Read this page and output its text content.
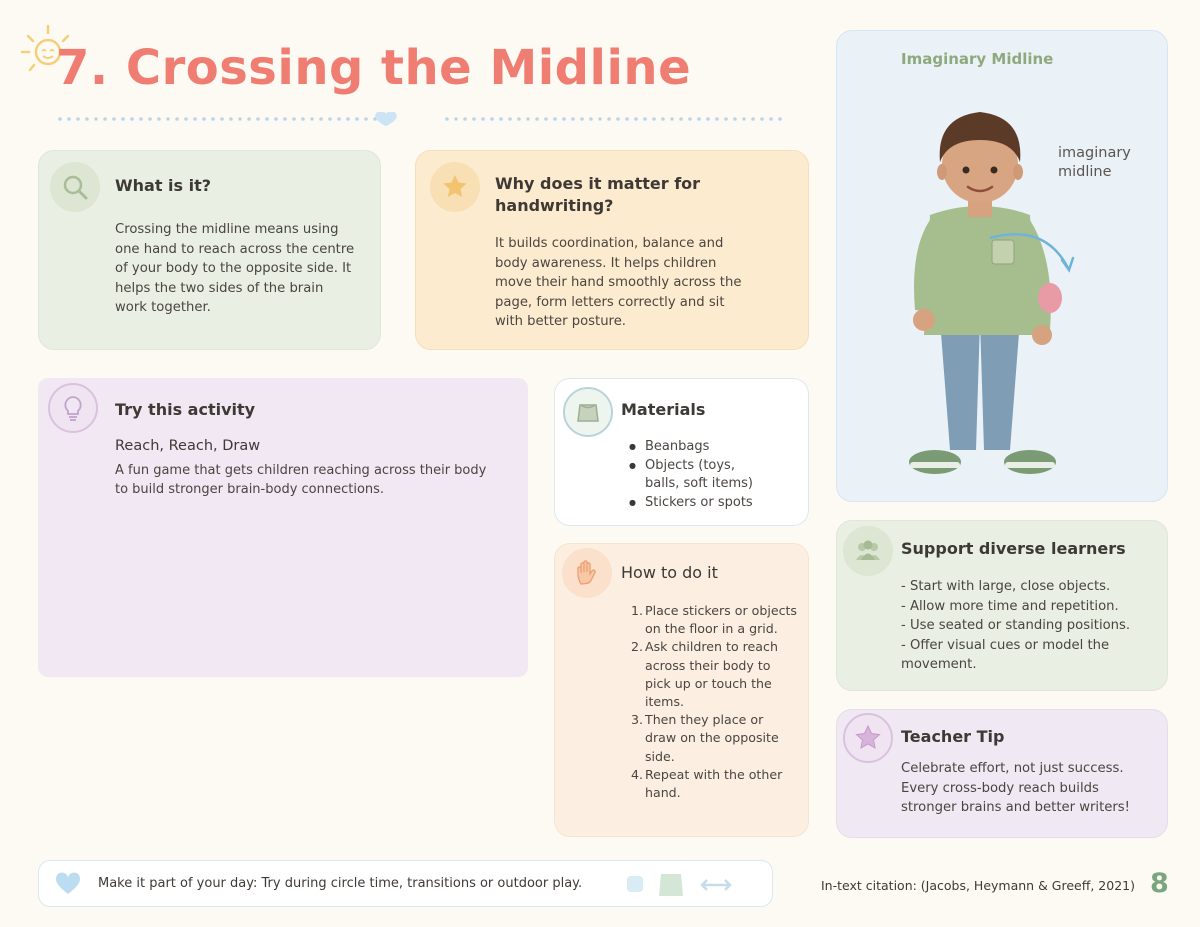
7. Crossing the Midline
What is it?
Crossing the midline means using
one hand to reach across the centre
of your body to the opposite side. It
helps the two sides of the brain
work together.
Why does it matter for
handwriting?
It builds coordination, balance and
body awareness. It helps children
move their hand smoothly across the
page, form letters correctly and sit
with better posture.
Try this activity
Reach, Reach, Draw
A fun game that gets children reaching across their body
to build stronger brain-body connections.
Materials
● Beanbags
● Objects (toys,
balls, soft items)
● Stickers or spots
How to do it
1. Place stickers or objects
on the floor in a grid.
2. Ask children to reach
across their body to
pick up or touch the
items.
3. Then they place or
draw on the opposite
side.
4. Repeat with the other
hand.
Imaginary Midline
imaginary
midline
Support diverse learners
- Start with large, close objects.
- Allow more time and repetition.
- Use seated or standing positions.
- Offer visual cues or model the
movement.
Teacher Tip
Celebrate effort, not just success.
Every cross-body reach builds
stronger brains and better writers!
Make it part of your day: Try during circle time, transitions or outdoor play.	In-text citation: (Jacobs, Heymann & Greeff, 2021) 8
